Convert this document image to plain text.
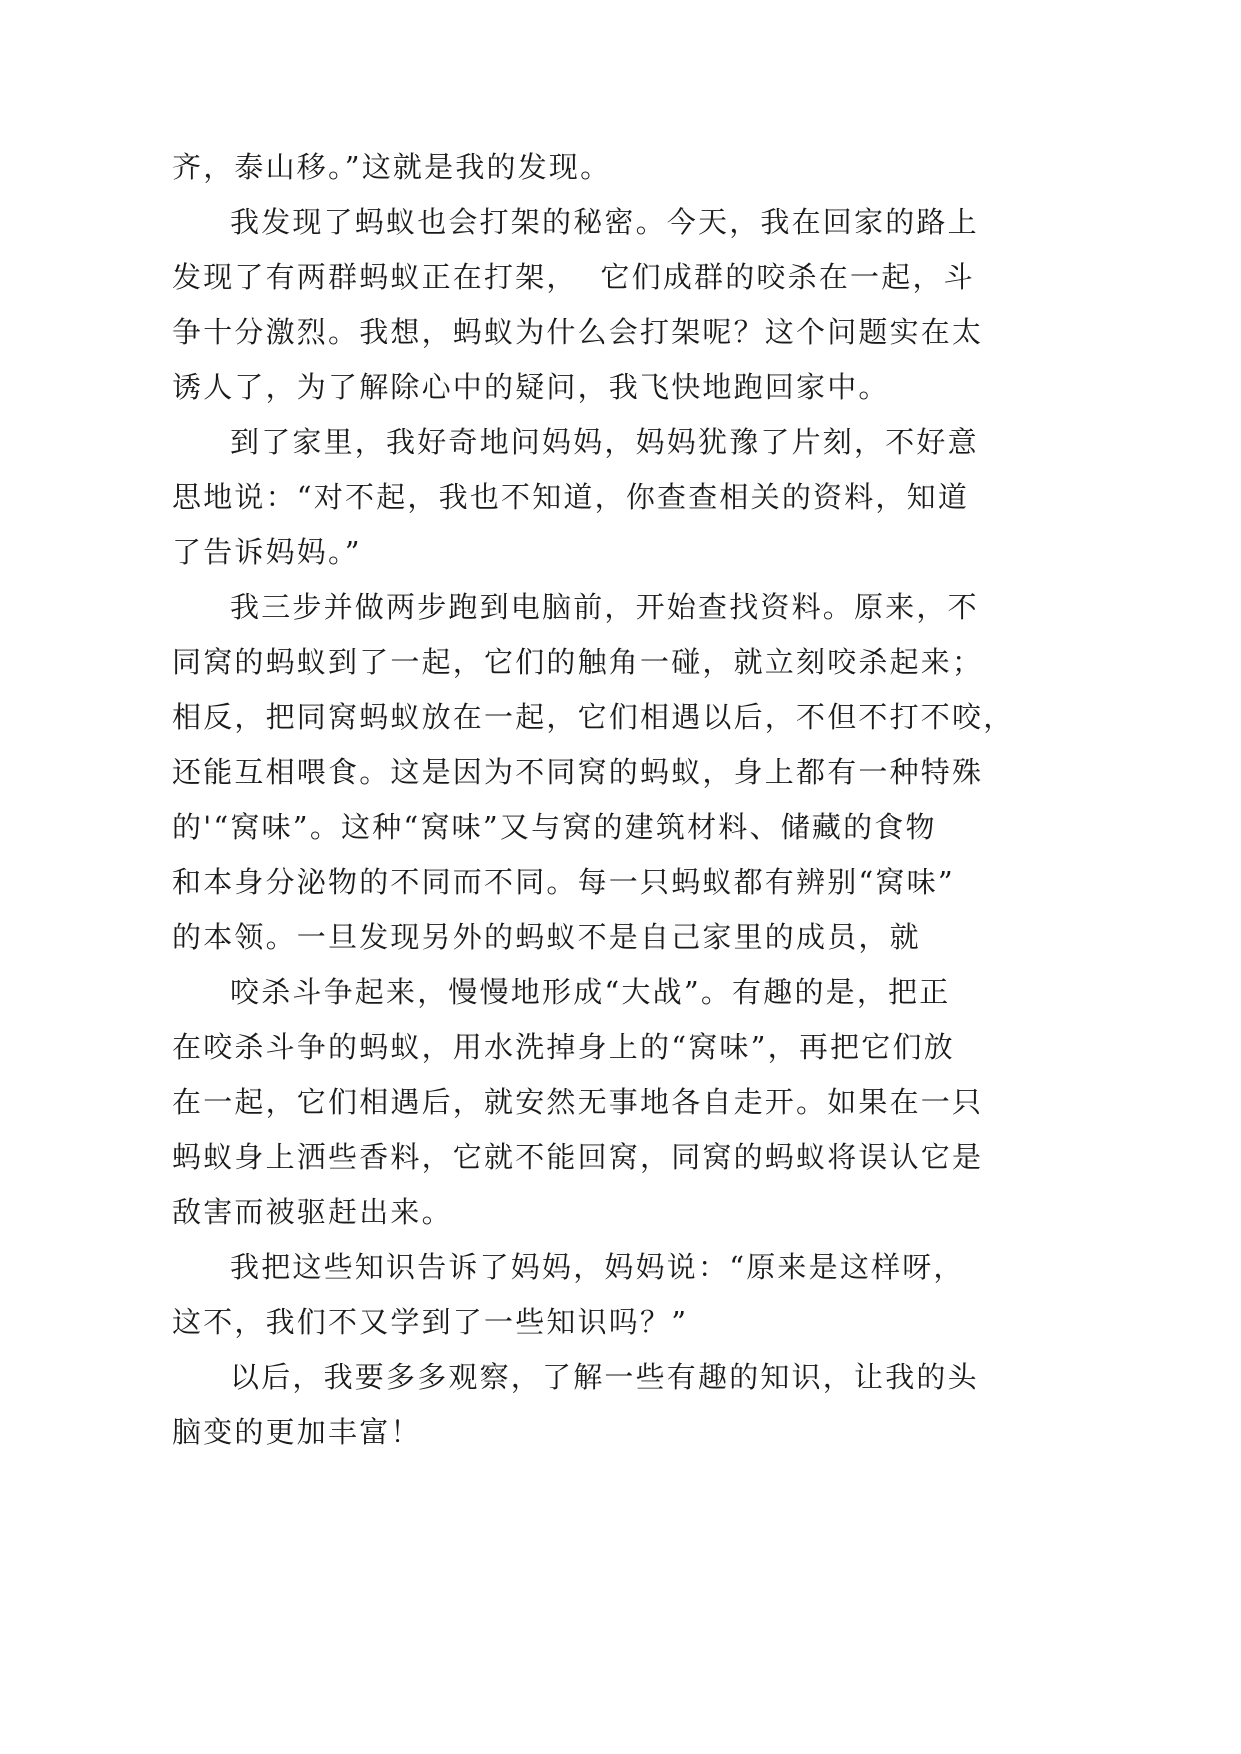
齐，泰山移。”这就是我的发现。
我发现了蚂蚁也会打架的秘密。今天，我在回家的路上
发现了有两群蚂蚁正在打架，  它们成群的咬杀在一起，斗
争十分激烈。我想，蚂蚁为什么会打架呢？这个问题实在太
诱人了，为了解除心中的疑问，我飞快地跑回家中。
到了家里，我好奇地问妈妈，妈妈犹豫了片刻，不好意
思地说：“对不起，我也不知道，你查查相关的资料，知道
了告诉妈妈。”
我三步并做两步跑到电脑前，开始查找资料。原来，不
同窝的蚂蚁到了一起，它们的触角一碰，就立刻咬杀起来；
相反，把同窝蚂蚁放在一起，它们相遇以后，不但不打不咬，
还能互相喂食。这是因为不同窝的蚂蚁，身上都有一种特殊
的'“窝味”。这种“窝味”又与窝的建筑材料、储藏的食物
和本身分泌物的不同而不同。每一只蚂蚁都有辨别“窝味”
的本领。一旦发现另外的蚂蚁不是自己家里的成员，就
咬杀斗争起来，慢慢地形成“大战”。有趣的是，把正
在咬杀斗争的蚂蚁，用水洗掉身上的“窝味”，再把它们放
在一起，它们相遇后，就安然无事地各自走开。如果在一只
蚂蚁身上洒些香料，它就不能回窝，同窝的蚂蚁将误认它是
敌害而被驱赶出来。
我把这些知识告诉了妈妈，妈妈说：“原来是这样呀，
这不，我们不又学到了一些知识吗？”
以后，我要多多观察，了解一些有趣的知识，让我的头
脑变的更加丰富！
